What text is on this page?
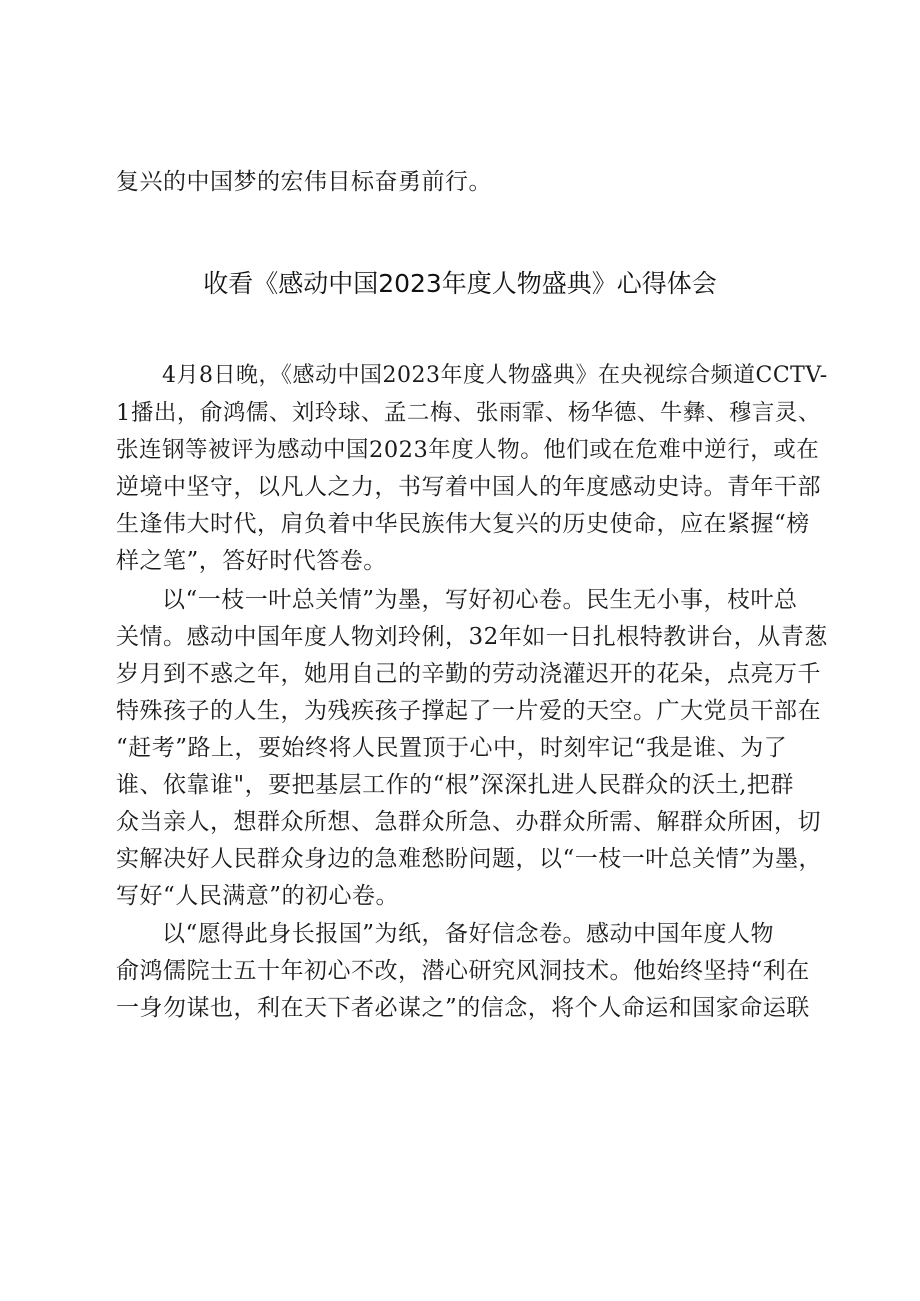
复兴的中国梦的宏伟目标奋勇前行。
收看《感动中国2023年度人物盛典》心得体会
4月8日晚，《感动中国2023年度人物盛典》在央视综合频道CCTV-
1播出，俞鸿儒、刘玲球、孟二梅、张雨霏、杨华德、牛彝、穆言灵、
张连钢等被评为感动中国2023年度人物。他们或在危难中逆行，或在
逆境中坚守，以凡人之力，书写着中国人的年度感动史诗。青年干部
生逢伟大时代，肩负着中华民族伟大复兴的历史使命，应在紧握“榜
样之笔”，答好时代答卷。
以“一枝一叶总关情”为墨，写好初心卷。民生无小事，枝叶总
关情。感动中国年度人物刘玲俐，32年如一日扎根特教讲台，从青葱
岁月到不惑之年，她用自己的辛勤的劳动浇灌迟开的花朵，点亮万千
特殊孩子的人生，为残疾孩子撑起了一片爱的天空。广大党员干部在
“赶考”路上，要始终将人民置顶于心中，时刻牢记“我是谁、为了
谁、依靠谁"，要把基层工作的“根”深深扎进人民群众的沃土,把群
众当亲人，想群众所想、急群众所急、办群众所需、解群众所困，切
实解决好人民群众身边的急难愁盼问题，以“一枝一叶总关情”为墨，
写好“人民满意”的初心卷。
以“愿得此身长报国”为纸，备好信念卷。感动中国年度人物
俞鸿儒院士五十年初心不改，潜心研究风洞技术。他始终坚持“利在
一身勿谋也，利在天下者必谋之”的信念，将个人命运和国家命运联
